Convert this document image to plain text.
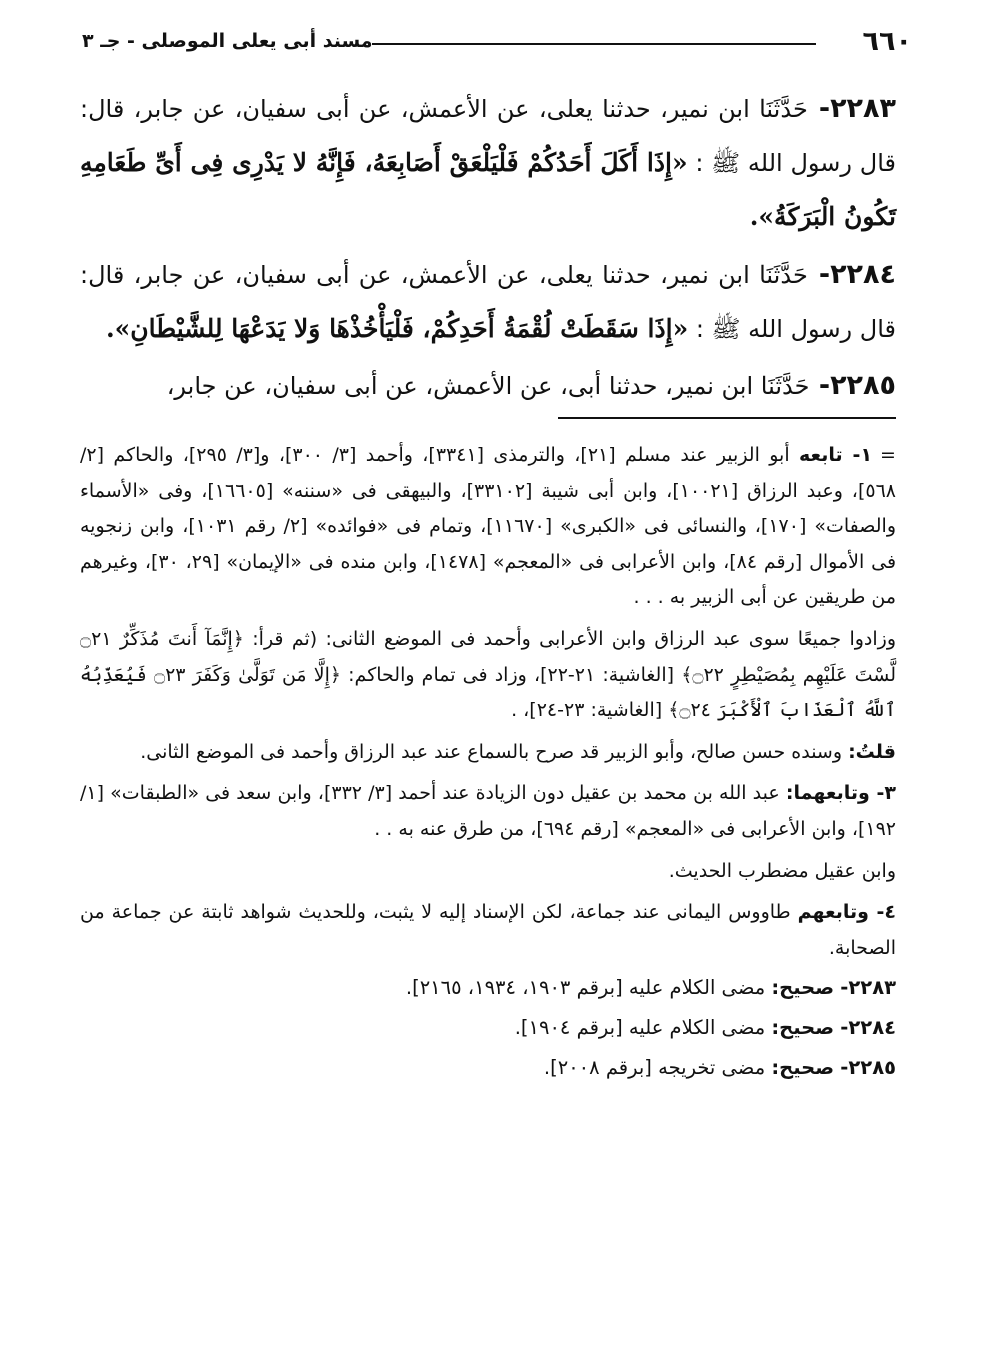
٦٦٠
مسند أبى يعلى الموصلى - جـ ٣

٢٢٨٣- حَدَّثَنَا ابن نمير، حدثنا يعلى، عن الأعمش، عن أبى سفيان، عن جابر، قال: قال رسول الله ﷺ : «إِذَا أَكَلَ أَحَدُكُمْ فَلْيَلْعَقْ أَصَابِعَهُ، فَإِنَّهُ لا يَدْرِى فِى أَىِّ طَعَامِهِ تَكُونُ الْبَرَكَةُ».

٢٢٨٤- حَدَّثَنَا ابن نمير، حدثنا يعلى، عن الأعمش، عن أبى سفيان، عن جابر، قال: قال رسول الله ﷺ : «إِذَا سَقَطَتْ لُقْمَةُ أَحَدِكُمْ، فَلْيَأْخُذْهَا وَلا يَدَعْهَا لِلشَّيْطَانِ».

٢٢٨٥- حَدَّثَنَا ابن نمير، حدثنا أبى، عن الأعمش، عن أبى سفيان، عن جابر،

=١- تابعه أبو الزبير عند مسلم [٢١]، والترمذى [٣٣٤١]، وأحمد [٣/ ٣٠٠]، و[٣/ ٢٩٥]، والحاكم [٢/ ٥٦٨]، وعبد الرزاق [١٠٠٢١]، وابن أبى شيبة [٣٣١٠٢]، والبيهقى فى «سننه» [١٦٦٠٥]، وفى «الأسماء والصفات» [١٧٠]، والنسائى فى «الكبرى» [١١٦٧٠]، وتمام فى «فوائده» [٢/ رقم ١٠٣١]، وابن زنجويه فى الأموال [رقم ٨٤]، وابن الأعرابى فى «المعجم» [١٤٧٨]، وابن منده فى «الإيمان» [٢٩، ٣٠]، وغيرهم من طريقين عن أبى الزبير به . . .

وزادوا جميعًا سوى عبد الرزاق وابن الأعرابى وأحمد فى الموضع الثانى: (ثم قرأ: ﴿إِنَّمَآ أَنتَ مُذَكِّرٌ ۝٢١ لَّسْتَ عَلَيْهِم بِمُصَيْطِرٍ ۝٢٢﴾ [الغاشية: ٢١-٢٢]، وزاد فى تمام والحاكم: ﴿إِلَّا مَن تَوَلَّىٰ وَكَفَرَ ۝٢٣ فَيُعَذِّبُهُ ٱللَّهُ ٱلْعَذَابَ ٱلْأَكْبَرَ ۝٢٤﴾ [الغاشية: ٢٣-٢٤]، .

قلتُ: وسنده حسن صالح، وأبو الزبير قد صرح بالسماع عند عبد الرزاق وأحمد فى الموضع الثانى.

٣- وتابعهما: عبد الله بن محمد بن عقيل دون الزيادة عند أحمد [٣/ ٣٣٢]، وابن سعد فى «الطبقات» [١/ ١٩٢]، وابن الأعرابى فى «المعجم» [رقم ٦٩٤]، من طرق عنه به . .

وابن عقيل مضطرب الحديث.

٤- وتابعهم طاووس اليمانى عند جماعة، لكن الإسناد إليه لا يثبت، وللحديث شواهد ثابتة عن جماعة من الصحابة.

٢٢٨٣- صحيح: مضى الكلام عليه [برقم ١٩٠٣، ١٩٣٤، ٢١٦٥].

٢٢٨٤- صحيح: مضى الكلام عليه [برقم ١٩٠٤].

٢٢٨٥- صحيح: مضى تخريجه [برقم ٢٠٠٨].
